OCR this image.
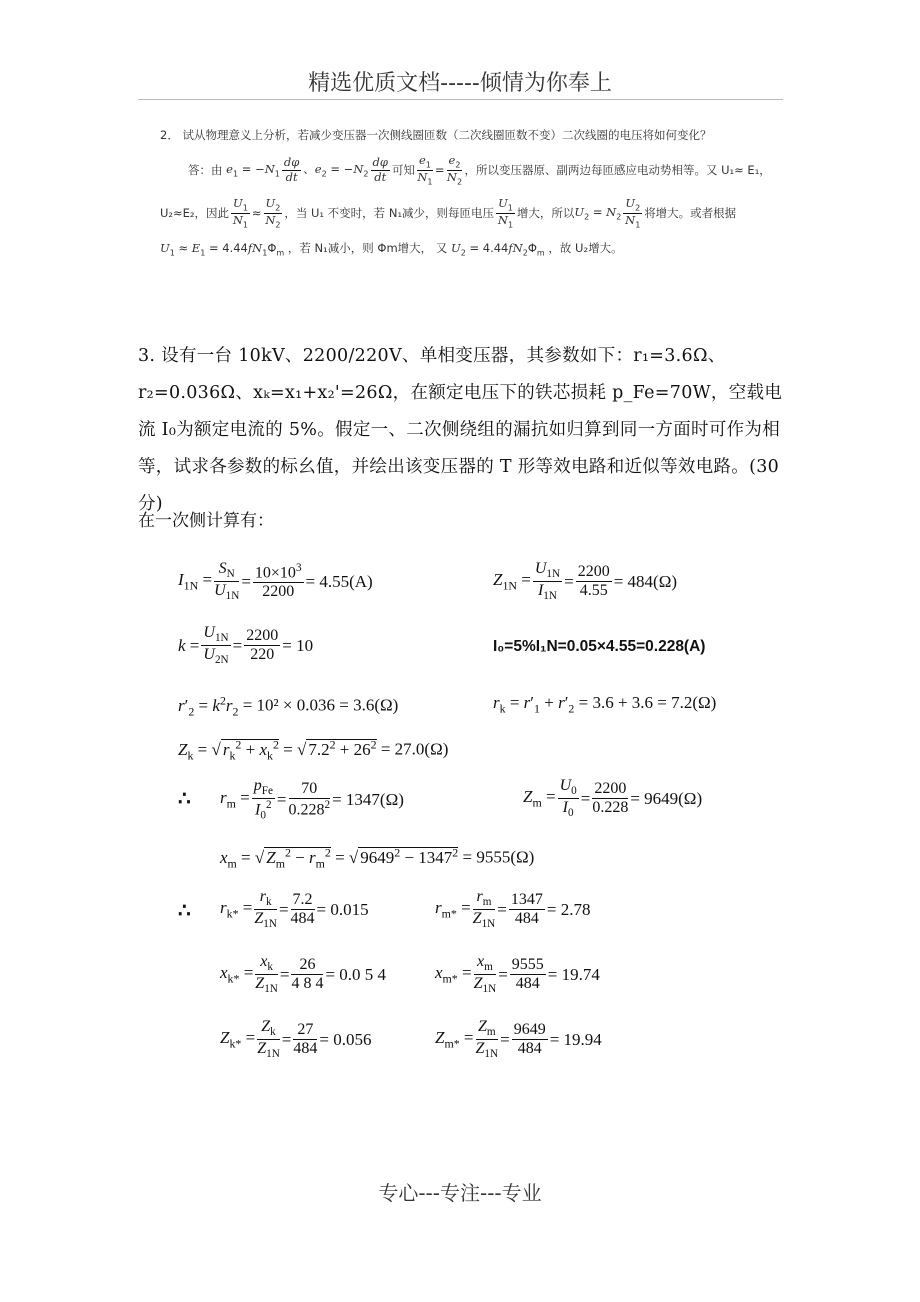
精选优质文档-----倾情为你奉上
2． 试从物理意义上分析，若减少变压器一次侧线圈匝数（二次线圈匝数不变）二次线圈的电压将如何变化？
答：由 $e_1 = -N_1 \frac{d\varphi}{dt}$ 、$e_2 = -N_2 \frac{d\varphi}{dt}$ 可知 $\frac{e_1}{N_1} = \frac{e_2}{N_2}$ ，所以变压器原、副两边每匝感应电动势相等。又 U₁≈ E₁，
U₂≈E₂，因此 $\frac{U_1}{N_1} \approx \frac{U_2}{N_2}$ ，当 U₁ 不变时，若 N₁减少，则每匝电压 $\frac{U_1}{N_1}$ 增大，所以 $U_2 = N_2 \frac{U_2}{N_1}$ 将增大。或者根据
$U_1 \approx E_1 = 4.44fN_1\Phi_m$ ，若 N₁减小，则 Φm增大， 又 $U_2 = 4.44fN_2\Phi_m$ ，故 U₂增大。
3. 设有一台 10kV、2200/220V、单相变压器，其参数如下：r₁=3.6Ω、r₂=0.036Ω、xₖ=x₁+x₂'=26Ω，在额定电压下的铁芯损耗 p_Fe=70W，空载电流 I₀为额定电流的 5%。假定一、二次侧绕组的漏抗如归算到同一方面时可作为相等，试求各参数的标幺值，并绘出该变压器的 T 形等效电路和近似等效电路。(30 分)
在一次侧计算有：
$I_{1N} = \frac{S_N}{U_{1N}} = \frac{10\times 10^3}{2200} = 4.55(A)$	$Z_{1N} = \frac{U_{1N}}{I_{1N}} = \frac{2200}{4.55} = 484(\Omega)$
$k = \frac{U_{1N}}{U_{2N}} = \frac{2200}{220} = 10$	I₀=5%I₁N=0.05×4.55=0.228(A)
$r'_2 = k^2r_2 = 10^2 \times 0.036 = 3.6(\Omega)$	$r_k = r'_1 + r'_2 = 3.6 + 3.6 = 7.2(\Omega)$
$Z_k$ = √ $r_k^2 + x_k^2$ = √ $7.2^2 + 26^2 = 27.0(\Omega)$
∴ $r_m = \frac{p_{Fe}}{I_0^2} = \frac{70}{0.228^2} = 1347(\Omega)$	$Z_m = \frac{U_0}{I_0} = \frac{2200}{0.228} = 9649(\Omega)$
$x_m$ = √ $Z_m^2 - r_m^2$ = √ $9649^2 - 1347^2 = 9555(\Omega)$
∴ $r_{k*} = \frac{r_k}{Z_{1N}} = \frac{7.2}{484} = 0.015$	$r_{m*} = \frac{r_m}{Z_{1N}} = \frac{1347}{484} = 2.78$
$x_{k*} = \frac{x_k}{Z_{1N}} = \frac{26}{4 8 4} = 0.0$ 5 4	$x_{m*} = \frac{x_m}{Z_{1N}} = \frac{9555}{484} = 19.74$
$Z_{k*} = \frac{Z_k}{Z_{1N}} = \frac{27}{484} = 0.056$	$Z_{m*} = \frac{Z_m}{Z_{1N}} = \frac{9649}{484} = 19.94$
专心---专注---专业
